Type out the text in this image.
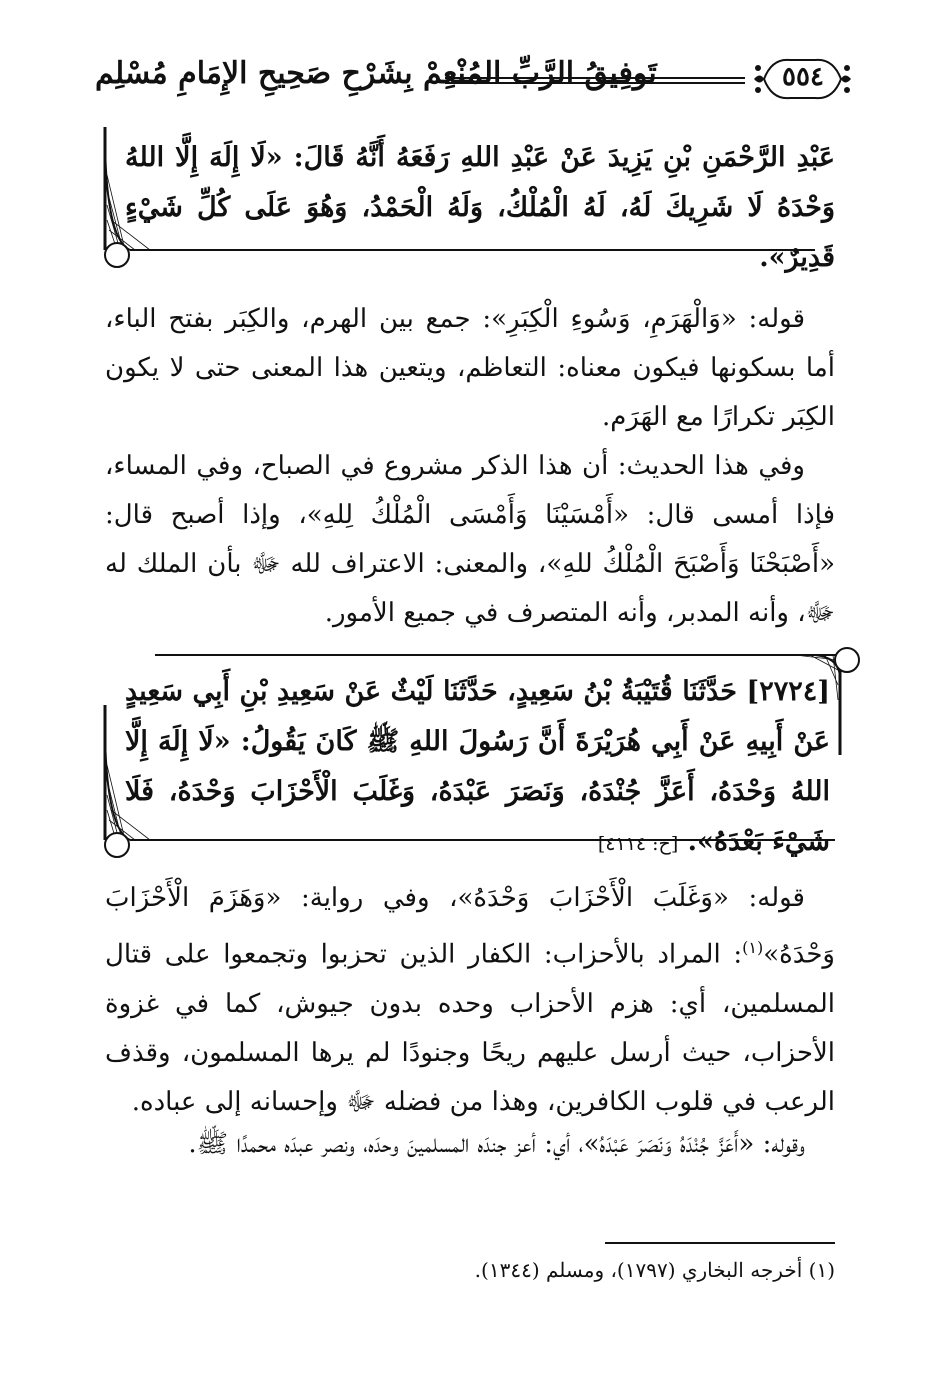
تَوفِيقُ الرَّبِّ المُنْعِمْ بِشَرْحِ صَحِيحِ الإِمَامِ مُسْلِم	٥٥٤
عَبْدِ الرَّحْمَنِ بْنِ يَزِيدَ عَنْ عَبْدِ اللهِ رَفَعَهُ أَنَّهُ قَالَ: «لَا إِلَهَ إِلَّا اللهُ وَحْدَهُ لَا شَرِيكَ لَهُ، لَهُ الْمُلْكُ، وَلَهُ الْحَمْدُ، وَهُوَ عَلَى كُلِّ شَيْءٍ قَدِيرٌ».
قوله: «وَالْهَرَمِ، وَسُوءِ الْكِبَرِ»: جمع بين الهرم، والكِبَر بفتح الباء، أما بسكونها فيكون معناه: التعاظم، ويتعين هذا المعنى حتى لا يكون الكِبَر تكرارًا مع الهَرَم.
وفي هذا الحديث: أن هذا الذكر مشروع في الصباح، وفي المساء، فإذا أمسى قال: «أَمْسَيْنَا وَأَمْسَى الْمُلْكُ لِلهِ»، وإذا أصبح قال: «أَصْبَحْنَا وَأَصْبَحَ الْمُلْكُ للهِ»، والمعنى: الاعتراف لله ﷻ بأن الملك له ﷻ، وأنه المدبر، وأنه المتصرف في جميع الأمور.
[٢٧٢٤] حَدَّثَنَا قُتَيْبَةُ بْنُ سَعِيدٍ، حَدَّثَنَا لَيْثٌ عَنْ سَعِيدِ بْنِ أَبِي سَعِيدٍ عَنْ أَبِيهِ عَنْ أَبِي هُرَيْرَةَ أَنَّ رَسُولَ اللهِ ﷺ كَانَ يَقُولُ: «لَا إِلَهَ إِلَّا اللهُ وَحْدَهُ، أَعَزَّ جُنْدَهُ، وَنَصَرَ عَبْدَهُ، وَغَلَبَ الْأَحْزَابَ وَحْدَهُ، فَلَا شَيْءَ بَعْدَهُ». [خ: ٤١١٤]
قوله: «وَغَلَبَ الْأَحْزَابَ وَحْدَهُ»، وفي رواية: «وَهَزَمَ الْأَحْزَابَ وَحْدَهُ»$^{(١)}$: المراد بالأحزاب: الكفار الذين تحزبوا وتجمعوا على قتال المسلمين، أي: هزم الأحزاب وحده بدون جيوش، كما في غزوة الأحزاب، حيث أرسل عليهم ريحًا وجنودًا لم يرها المسلمون، وقذف الرعب في قلوب الكافرين، وهذا من فضله ﷻ وإحسانه إلى عباده.
وقوله: «أَعَزَّ جُنْدَهُ وَنَصَرَ عَبْدَهُ»، أي: أعز جندَه المسلمينَ وحدَه، ونصر عبدَه محمدًا ﷺ.
(١) أخرجه البخاري (١٧٩٧)، ومسلم (١٣٤٤).
